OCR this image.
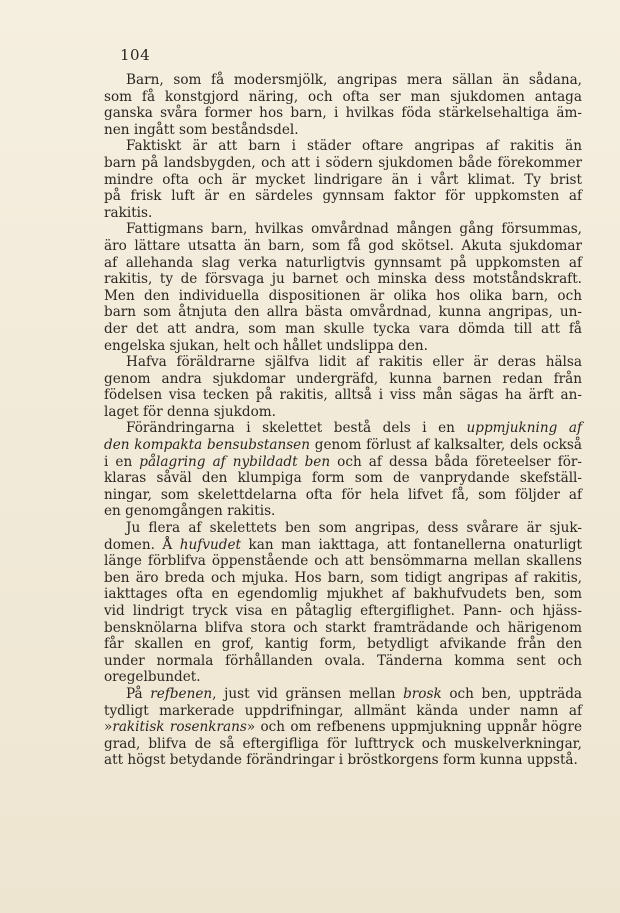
104

Barn, som få modersmjölk, angripas mera sällan än sådana,
som få konstgjord näring, och ofta ser man sjukdomen antaga
ganska svåra former hos barn, i hvilkas föda stärkelsehaltiga äm-
nen ingått som beståndsdel.

Faktiskt är att barn i städer oftare angripas af rakitis än
barn på landsbygden, och att i södern sjukdomen både förekommer
mindre ofta och är mycket lindrigare än i vårt klimat. Ty brist
på frisk luft är en särdeles gynnsam faktor för uppkomsten af
rakitis.

Fattigmans barn, hvilkas omvårdnad mången gång försummas,
äro lättare utsatta än barn, som få god skötsel. Akuta sjukdomar
af allehanda slag verka naturligtvis gynnsamt på uppkomsten af
rakitis, ty de försvaga ju barnet och minska dess motståndskraft.
Men den individuella dispositionen är olika hos olika barn, och
barn som åtnjuta den allra bästa omvårdnad, kunna angripas, un-
der det att andra, som man skulle tycka vara dömda till att få
engelska sjukan, helt och hållet undslippa den.

Hafva föräldrarne själfva lidit af rakitis eller är deras hälsa
genom andra sjukdomar undergräfd, kunna barnen redan från
födelsen visa tecken på rakitis, alltså i viss mån sägas ha ärft an-
laget för denna sjukdom.

Förändringarna i skelettet bestå dels i en uppmjukning af
den kompakta bensubstansen genom förlust af kalksalter, dels också
i en pålagring af nybildadt ben och af dessa båda företeelser för-
klaras såväl den klumpiga form som de vanprydande skefställ-
ningar, som skelettdelarna ofta för hela lifvet få, som följder af
en genomgången rakitis.

Ju flera af skelettets ben som angripas, dess svårare är sjuk-
domen. Å hufvudet kan man iakttaga, att fontanellerna onaturligt
länge förblifva öppenstående och att bensömmarna mellan skallens
ben äro breda och mjuka. Hos barn, som tidigt angripas af rakitis,
iakttages ofta en egendomlig mjukhet af bakhufvudets ben, som
vid lindrigt tryck visa en påtaglig eftergiflighet. Pann- och hjäss-
bensknölarna blifva stora och starkt framträdande och härigenom
får skallen en grof, kantig form, betydligt afvikande från den
under normala förhållanden ovala. Tänderna komma sent och
oregelbundet.

På refbenen, just vid gränsen mellan brosk och ben, uppträda
tydligt markerade uppdrifningar, allmänt kända under namn af
»rakitisk rosenkrans» och om refbenens uppmjukning uppnår högre
grad, blifva de så eftergifliga för lufttryck och muskelverkningar,
att högst betydande förändringar i bröstkorgens form kunna uppstå.
